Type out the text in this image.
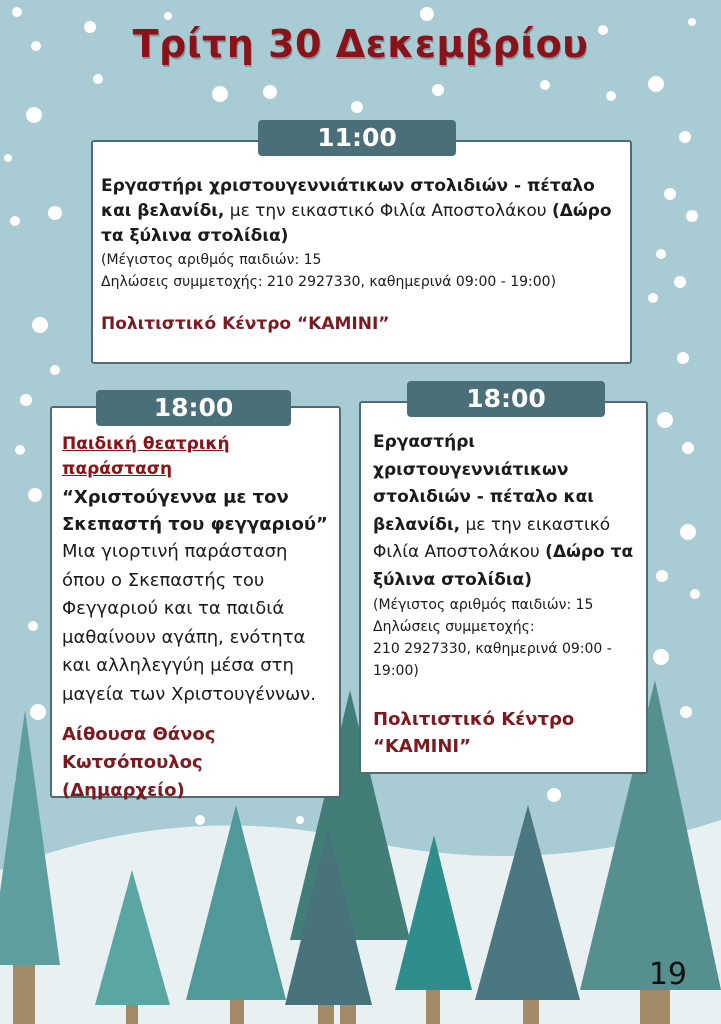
Τρίτη 30 Δεκεμβρίου
Εργαστήρι χριστουγεννιάτικων στολιδιών - πέταλο και βελανίδι, με την εικαστικό Φιλία Αποστολάκου (Δώρο τα ξύλινα στολίδια)
(Μέγιστος αριθμός παιδιών: 15
Δηλώσεις συμμετοχής: 210 2927330, καθημερινά 09:00 - 19:00)
Πολιτιστικό Κέντρο “ΚΑΜΙΝΙ”
11:00
Παιδική θεατρική παράσταση
“Χριστούγεννα με τον Σκεπαστή του φεγγαριού”
Μια γιορτινή παράσταση όπου ο Σκεπαστής του Φεγγαριού και τα παιδιά μαθαίνουν αγάπη, ενότητα και αλληλεγγύη μέσα στη μαγεία των Χριστουγέννων.
Αίθουσα Θάνος Κωτσόπουλος (Δημαρχείο)
18:00
Εργαστήρι χριστουγεννιάτικων στολιδιών - πέταλο και βελανίδι, με την εικαστικό Φιλία Αποστολάκου (Δώρο τα ξύλινα στολίδια)
(Μέγιστος αριθμός παιδιών: 15
Δηλώσεις συμμετοχής:
210 2927330, καθημερινά 09:00 - 19:00)
Πολιτιστικό Κέντρο “ΚΑΜΙΝΙ”
18:00
19
